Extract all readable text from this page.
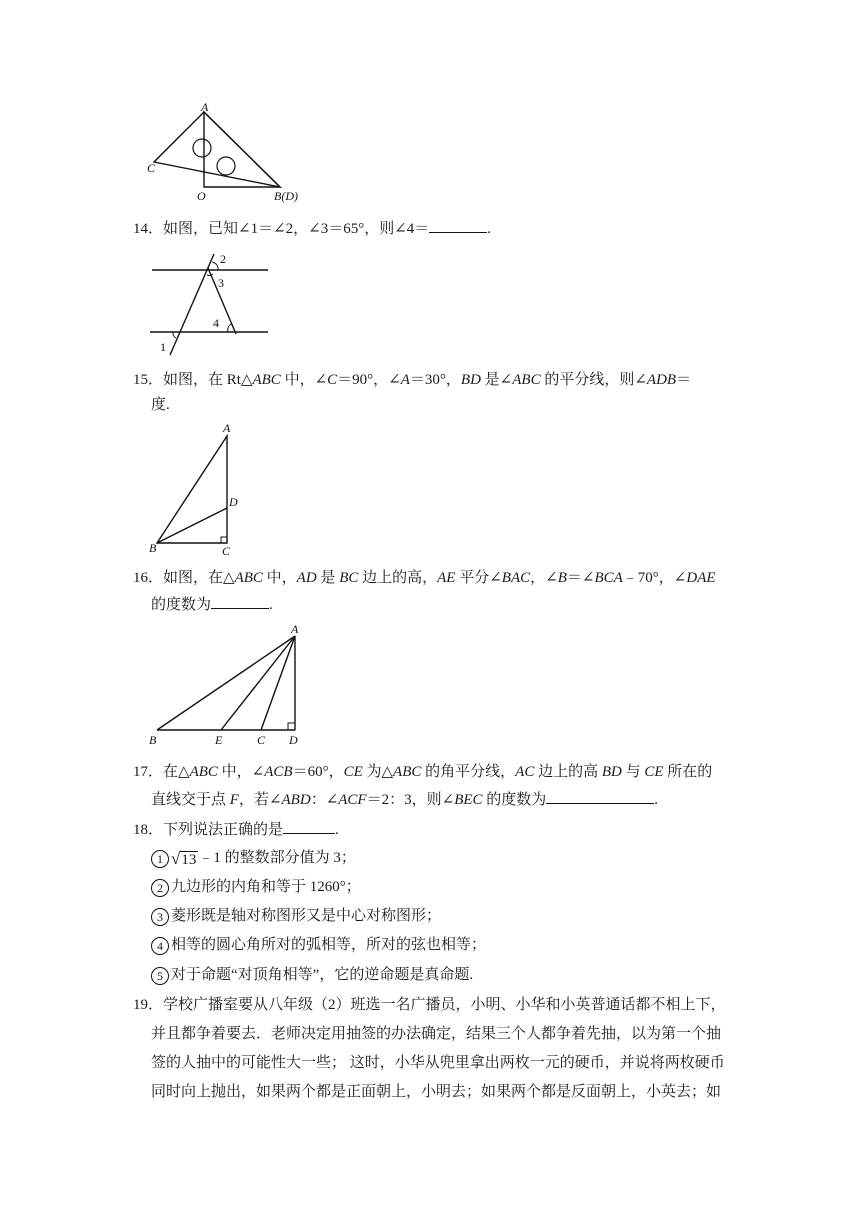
A
C
O	B(D)
14．如图，已知∠1＝∠2，∠3＝65°，则∠4＝	.
1
2
3
4
15．如图，在 Rt△ABC 中，∠C＝90°，∠A＝30°，BD 是∠ABC 的平分线，则∠ADB＝
度.
A
D
B	C
16．如图，在△ABC 中，AD 是 BC 边上的高，AE 平分∠BAC，∠B＝∠BCA﹣70°，∠DAE
的度数为	.
A
B	E	C D
17．在△ABC 中，∠ACB＝60°，CE 为△ABC 的角平分线，AC 边上的高 BD 与 CE 所在的
直线交于点 F，若∠ABD：∠ACF＝2：3，则∠BEC 的度数为	.
18．下列说法正确的是	.
1 √13 ﹣1 的整数部分值为 3；
2 九边形的内角和等于 1260°；
3 菱形既是轴对称图形又是中心对称图形；
4 相等的圆心角所对的弧相等，所对的弦也相等；
5 对于命题“对顶角相等”，它的逆命题是真命题.
19．学校广播室要从八年级（2）班选一名广播员，小明、小华和小英普通话都不相上下，
并且都争着要去．老师决定用抽签的办法确定，结果三个人都争着先抽，以为第一个抽
签的人抽中的可能性大一些； 这时，小华从兜里拿出两枚一元的硬币，并说将两枚硬币
同时向上抛出，如果两个都是正面朝上，小明去；如果两个都是反面朝上，小英去；如
